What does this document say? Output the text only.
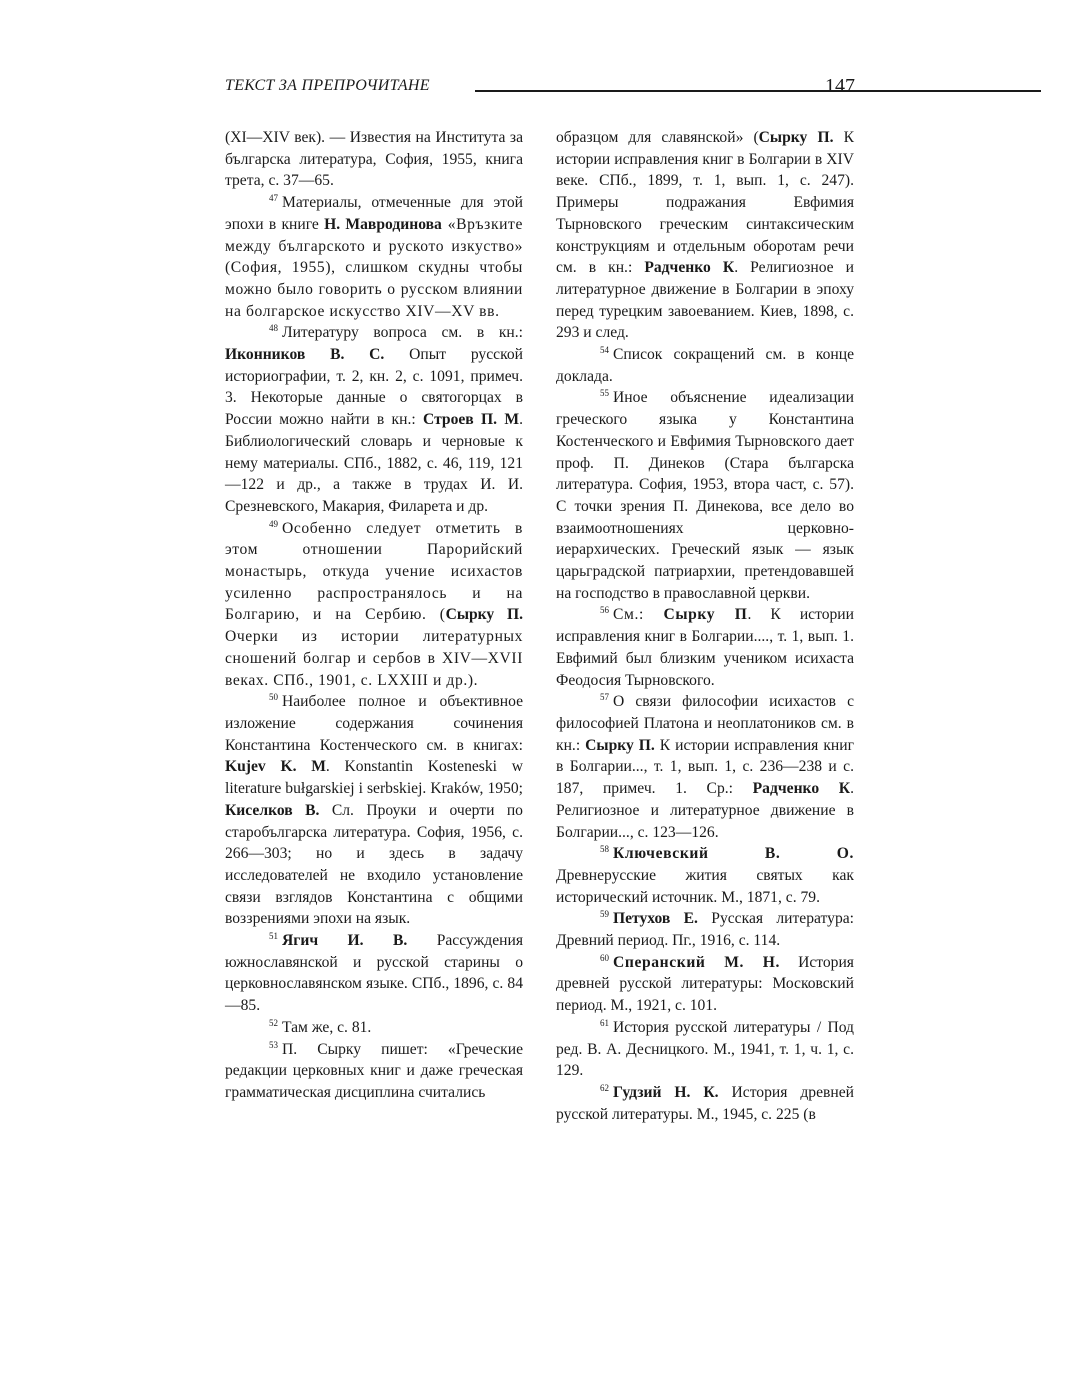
ТЕКСТ ЗА ПРЕПРОЧИТАНЕ	147

(XI—XIV век). — Известия на Института за българска литература, София, 1955, книга трета, с. 37—65.

$^{47}$ Материалы, отмеченные для этой эпохи в книге Н. Мавродинова «Връзките между българското и руското изкуство» (София, 1955), слишком скудны чтобы можно было говорить о русском влиянии на болгарское искусство XIV—XV вв.

$^{48}$ Литературу вопроса см. в кн.: Иконников В. С. Опыт русской историографии, т. 2, кн. 2, с. 1091, примеч. 3. Некоторые данные о святогорцах в России можно найти в кн.: Строев П. М. Библиологический словарь и черновые к нему материалы. СПб., 1882, с. 46, 119, 121—122 и др., а также в трудах И. И. Срезневского, Макария, Филарета и др.

$^{49}$ Особенно следует отметить в этом отношении Парорийский монастырь, откуда учение исихастов усиленно распространялось и на Болгарию, и на Сербию. (Сырку П. Очерки из истории литературных сношений болгар и сербов в XIV—XVII веках. СПб., 1901, с. LXXIII и др.).

$^{50}$ Наиболее полное и объективное изложение содержания сочинения Константина Костенческого см. в книгах: Kujev K. M. Konstantin Kosteneski w literature bułgarskiej i serbskiej. Kraków, 1950; Киселков В. Сл. Проуки и очерти по старобългарска литература. София, 1956, с. 266—303; но и здесь в задачу исследователей не входило установление связи взглядов Константина с общими воззрениями эпохи на язык.

$^{51}$ Ягич И. В. Рассуждения южнославянской и русской старины о церковнославянском языке. СПб., 1896, с. 84—85.

$^{52}$ Там же, с. 81.

$^{53}$ П. Сырку пишет: «Греческие редакции церковных книг и даже греческая грамматическая дисциплина считались

образцом для славянской» (Сырку П. К истории исправления книг в Болгарии в XIV веке. СПб., 1899, т. 1, вып. 1, с. 247). Примеры подражания Евфимия Тырновского греческим синтаксическим конструкциям и отдельным оборотам речи см. в кн.: Радченко К. Религиозное и литературное движение в Болгарии в эпоху перед турецким завоеванием. Киев, 1898, с. 293 и след.

$^{54}$ Список сокращений см. в конце доклада.

$^{55}$ Иное объяснение идеализации греческого языка у Константина Костенческого и Евфимия Тырновского дает проф. П. Динеков (Стара българска литература. София, 1953, втора част, с. 57). С точки зрения П. Динекова, все дело во взаимоотношениях церковно-иерархических. Греческий язык — язык царьградской патриархии, претендовавшей на господство в православной церкви.

$^{56}$ См.: Сырку П. К истории исправления книг в Болгарии...., т. 1, вып. 1. Евфимий был близким учеником исихаста Феодосия Тырновского.

$^{57}$ О связи философии исихастов с философией Платона и неоплатоников см. в кн.: Сырку П. К истории исправления книг в Болгарии..., т. 1, вып. 1, с. 236—238 и с. 187, примеч. 1. Ср.: Радченко К. Религиозное и литературное движение в Болгарии..., с. 123—126.

$^{58}$ Ключевский В. О. Древнерусские жития святых как исторический источник. М., 1871, с. 79.

$^{59}$ Петухов Е. Русская литература: Древний период. Пг., 1916, с. 114.

$^{60}$ Сперанский М. Н. История древней русской литературы: Московский период. М., 1921, с. 101.

$^{61}$ История русской литературы / Под ред. В. А. Десницкого. М., 1941, т. 1, ч. 1, с. 129.

$^{62}$ Гудзий Н. К. История древней русской литературы. М., 1945, с. 225 (в
